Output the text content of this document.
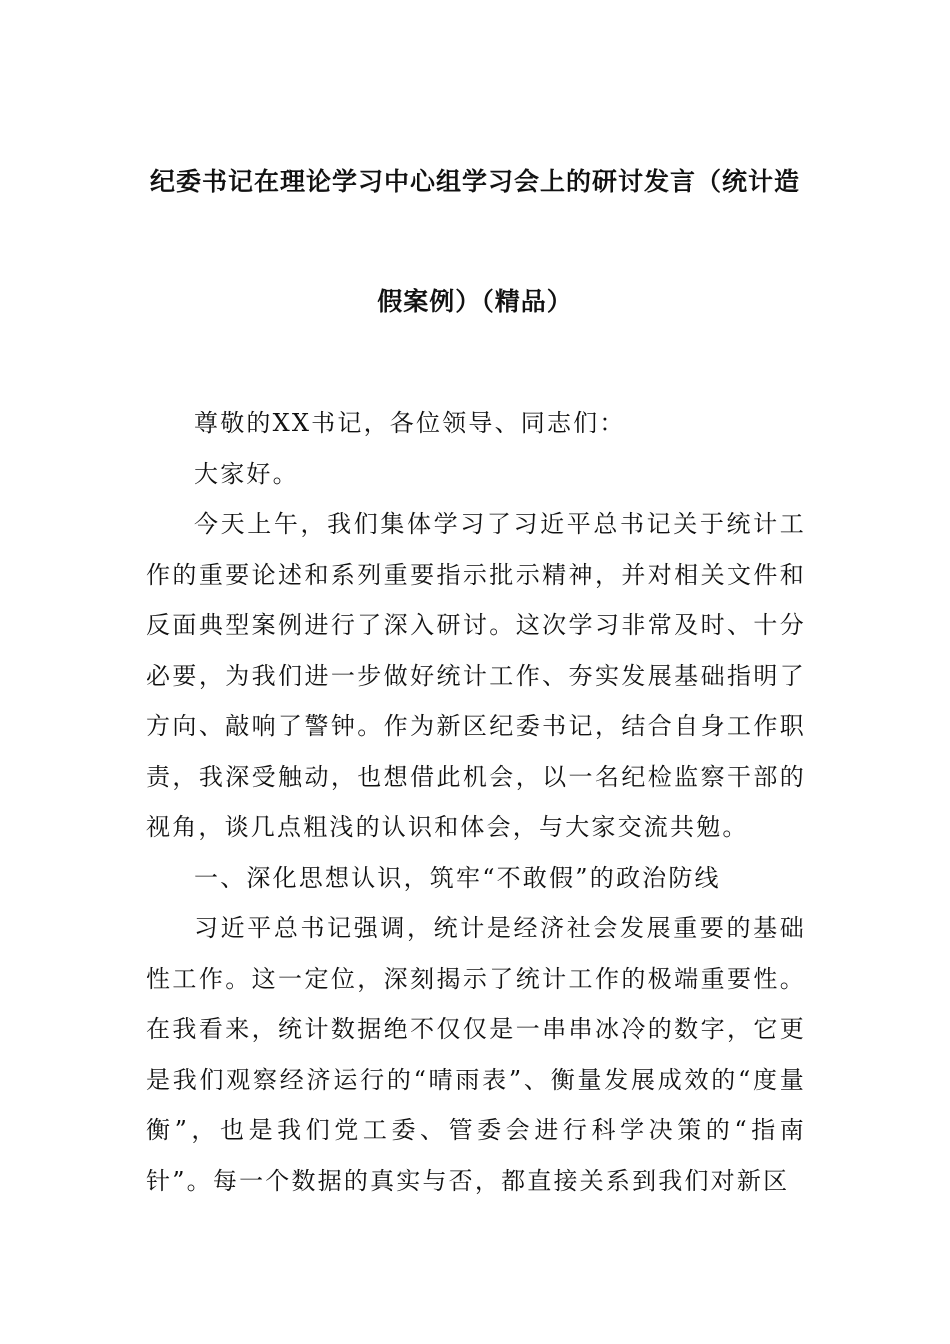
纪委书记在理论学习中心组学习会上的研讨发言（统计造
假案例）（精品）

尊敬的XX书记，各位领导、同志们：

大家好。

今天上午，我们集体学习了习近平总书记关于统计工作的重要论述和系列重要指示批示精神，并对相关文件和反面典型案例进行了深入研讨。这次学习非常及时、十分必要，为我们进一步做好统计工作、夯实发展基础指明了方向、敲响了警钟。作为新区纪委书记，结合自身工作职责，我深受触动，也想借此机会，以一名纪检监察干部的视角，谈几点粗浅的认识和体会，与大家交流共勉。

一、深化思想认识，筑牢“不敢假”的政治防线

习近平总书记强调，统计是经济社会发展重要的基础性工作。这一定位，深刻揭示了统计工作的极端重要性。在我看来，统计数据绝不仅仅是一串串冰冷的数字，它更是我们观察经济运行的“晴雨表”、衡量发展成效的“度量衡”，也是我们党工委、管委会进行科学决策的“指南针”。每一个数据的真实与否，都直接关系到我们对新区
